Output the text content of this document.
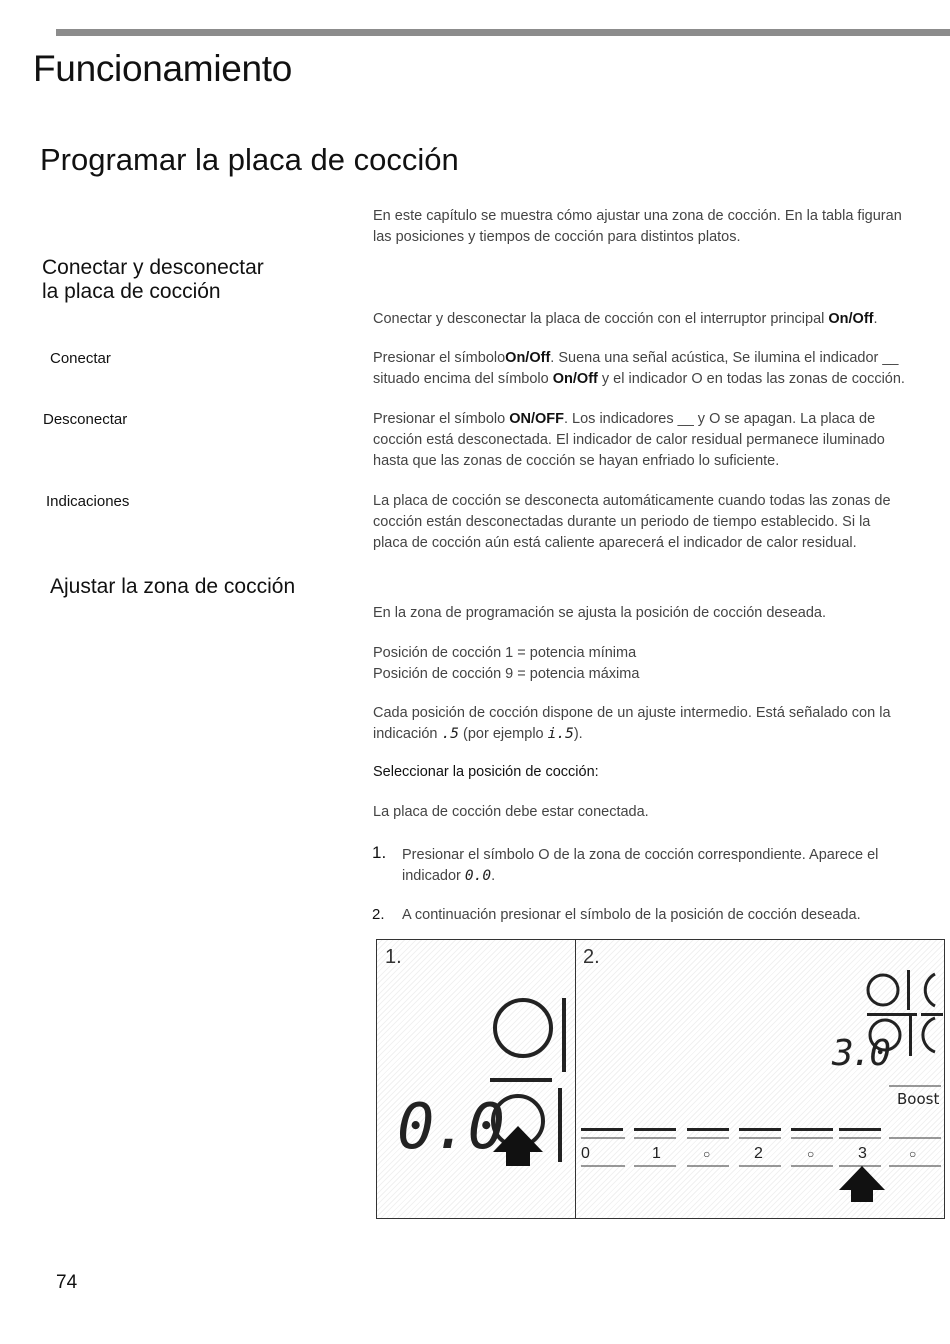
Funcionamiento
Programar la placa de cocción
En este capítulo se muestra cómo ajustar una zona de cocción. En la tabla figuran
las posiciones y tiempos de cocción para distintos platos.
Conectar y desconectar
la placa de cocción
Conectar y desconectar la placa de cocción con el interruptor principal On/Off.
Conectar	Presionar el símboloOn/Off. Suena una señal acústica, Se ilumina el indicador __
situado encima del símbolo On/Off y el indicador O en todas las zonas de cocción.
Desconectar	Presionar el símbolo ON/OFF. Los indicadores __ y O se apagan. La placa de
cocción está desconectada. El indicador de calor residual permanece iluminado
hasta que las zonas de cocción se hayan enfriado lo suficiente.
Indicaciones	La placa de cocción se desconecta automáticamente cuando todas las zonas de
cocción están desconectadas durante un periodo de tiempo establecido. Si la
placa de cocción aún está caliente aparecerá el indicador de calor residual.
Ajustar la zona de cocción
En la zona de programación se ajusta la posición de cocción deseada.
Posición de cocción 1 = potencia mínima
Posición de cocción 9 = potencia máxima
Cada posición de cocción dispone de un ajuste intermedio. Está señalado con la
indicación .5 (por ejemplo i.5).
Seleccionar la posición de cocción:
La placa de cocción debe estar conectada.
1. Presionar el símbolo O de la zona de cocción correspondiente. Aparece el
indicador 0.0.
2. A continuación presionar el símbolo de la posición de cocción deseada.
1.	2.
0.0
3.0
Boost
0	1	○	2	○	3	○
74
